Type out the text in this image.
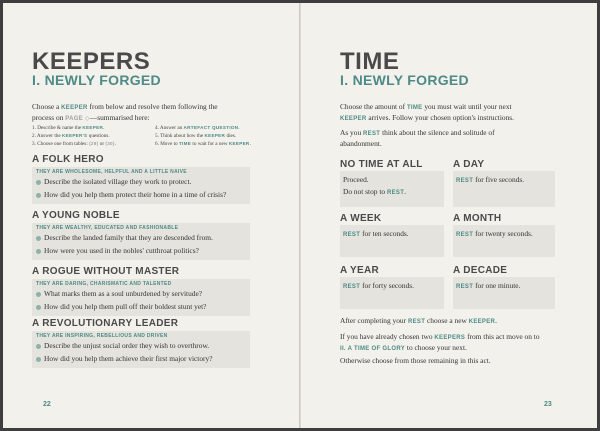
KEEPERS
I. NEWLY FORGED
Choose a KEEPER from below and resolve them following the
process on PAGE ◇—summarised here:
1. Describe & name the KEEPER.
2. Answer the KEEPER'S questions.
3. Choose one from tables: (29) or (30).
4. Answer an ARTEFACT QUESTION.
5. Think about how the KEEPER dies.
6. Move to TIME to wait for a new KEEPER.
A FOLK HERO
THEY ARE WHOLESOME, HELPFUL AND A LITTLE NAIVE
Describe the isolated village they work to protect.
How did you help them protect their home in a time of crisis?
A YOUNG NOBLE
THEY ARE WEALTHY, EDUCATED AND FASHIONABLE
Describe the landed family that they are descended from.
How were you used in the nobles' cutthroat politics?
A ROGUE WITHOUT MASTER
THEY ARE DARING, CHARISMATIC AND TALENTED
What marks them as a soul unburdened by servitude?
How did you help them pull off their boldest stunt yet?
A REVOLUTIONARY LEADER
THEY ARE INSPIRING, REBELLIOUS AND DRIVEN
Describe the unjust social order they wish to overthrow.
How did you help them achieve their first major victory?
22
TIME
I. NEWLY FORGED
Choose the amount of TIME you must wait until your next
KEEPER arrives. Follow your chosen option's instructions.
As you REST think about the silence and solitude of
abandonment.
NO TIME AT ALL
Proceed.
Do not stop to REST.
A DAY
REST for five seconds.
A WEEK
REST for ten seconds.
A MONTH
REST for twenty seconds.
A YEAR
REST for forty seconds.
A DECADE
REST for one minute.
After completing your REST choose a new KEEPER.
If you have already chosen two KEEPERS from this act move on to
II. A TIME OF GLORY to choose your next.
Otherwise choose from those remaining in this act.
23
